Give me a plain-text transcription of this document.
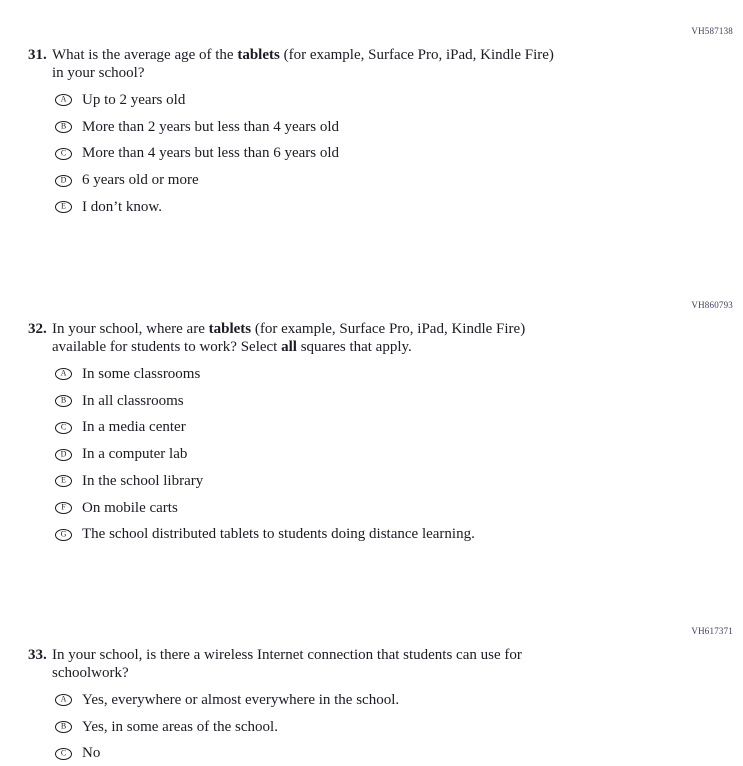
VH587138
31. What is the average age of the tablets (for example, Surface Pro, iPad, Kindle Fire)
in your school?
A Up to 2 years old
B More than 2 years but less than 4 years old
C More than 4 years but less than 6 years old
D 6 years old or more
E I don’t know.
VH860793
32. In your school, where are tablets (for example, Surface Pro, iPad, Kindle Fire)
available for students to work? Select all squares that apply.
A In some classrooms
B In all classrooms
C In a media center
D In a computer lab
E In the school library
F On mobile carts
G The school distributed tablets to students doing distance learning.
VH617371
33. In your school, is there a wireless Internet connection that students can use for
schoolwork?
A Yes, everywhere or almost everywhere in the school.
B Yes, in some areas of the school.
C No
